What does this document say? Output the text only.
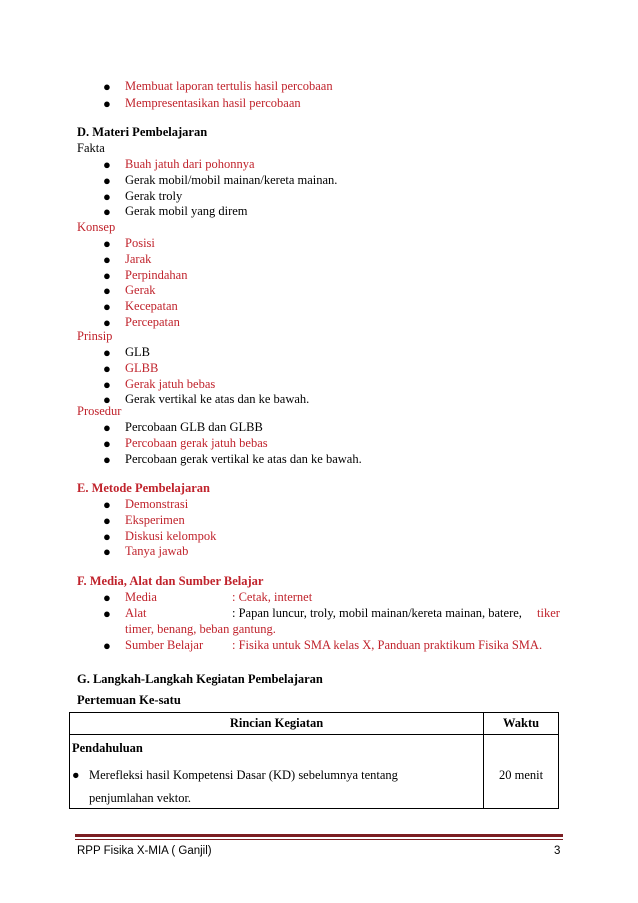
● Membuat laporan tertulis hasil percobaan
● Mempresentasikan hasil percobaan
D. Materi Pembelajaran
Fakta
● Buah jatuh dari pohonnya
● Gerak mobil/mobil mainan/kereta mainan.
● Gerak troly
● Gerak mobil yang direm
Konsep
● Posisi
● Jarak
● Perpindahan
● Gerak
● Kecepatan
● Percepatan
Prinsip
● GLB
● GLBB
● Gerak jatuh bebas
● Gerak vertikal ke atas dan ke bawah.
Prosedur
● Percobaan GLB dan GLBB
● Percobaan gerak jatuh bebas
● Percobaan gerak vertikal ke atas dan ke bawah.
E. Metode Pembelajaran
● Demonstrasi
● Eksperimen
● Diskusi kelompok
● Tanya jawab
F. Media, Alat dan Sumber Belajar
● Media	: Cetak, internet
● Alat	: Papan luncur, troly, mobil mainan/kereta mainan, batere, tiker
timer, benang, beban gantung.
● Sumber Belajar : Fisika untuk SMA kelas X, Panduan praktikum Fisika SMA.
G. Langkah-Langkah Kegiatan Pembelajaran
Pertemuan Ke-satu
Rincian Kegiatan	Waktu

Pendahuluan
● Merefleksi hasil Kompetensi Dasar (KD) sebelumnya tentang
penjumlahan vektor.	20 menit
RPP Fisika X-MIA ( Ganjil)	3
